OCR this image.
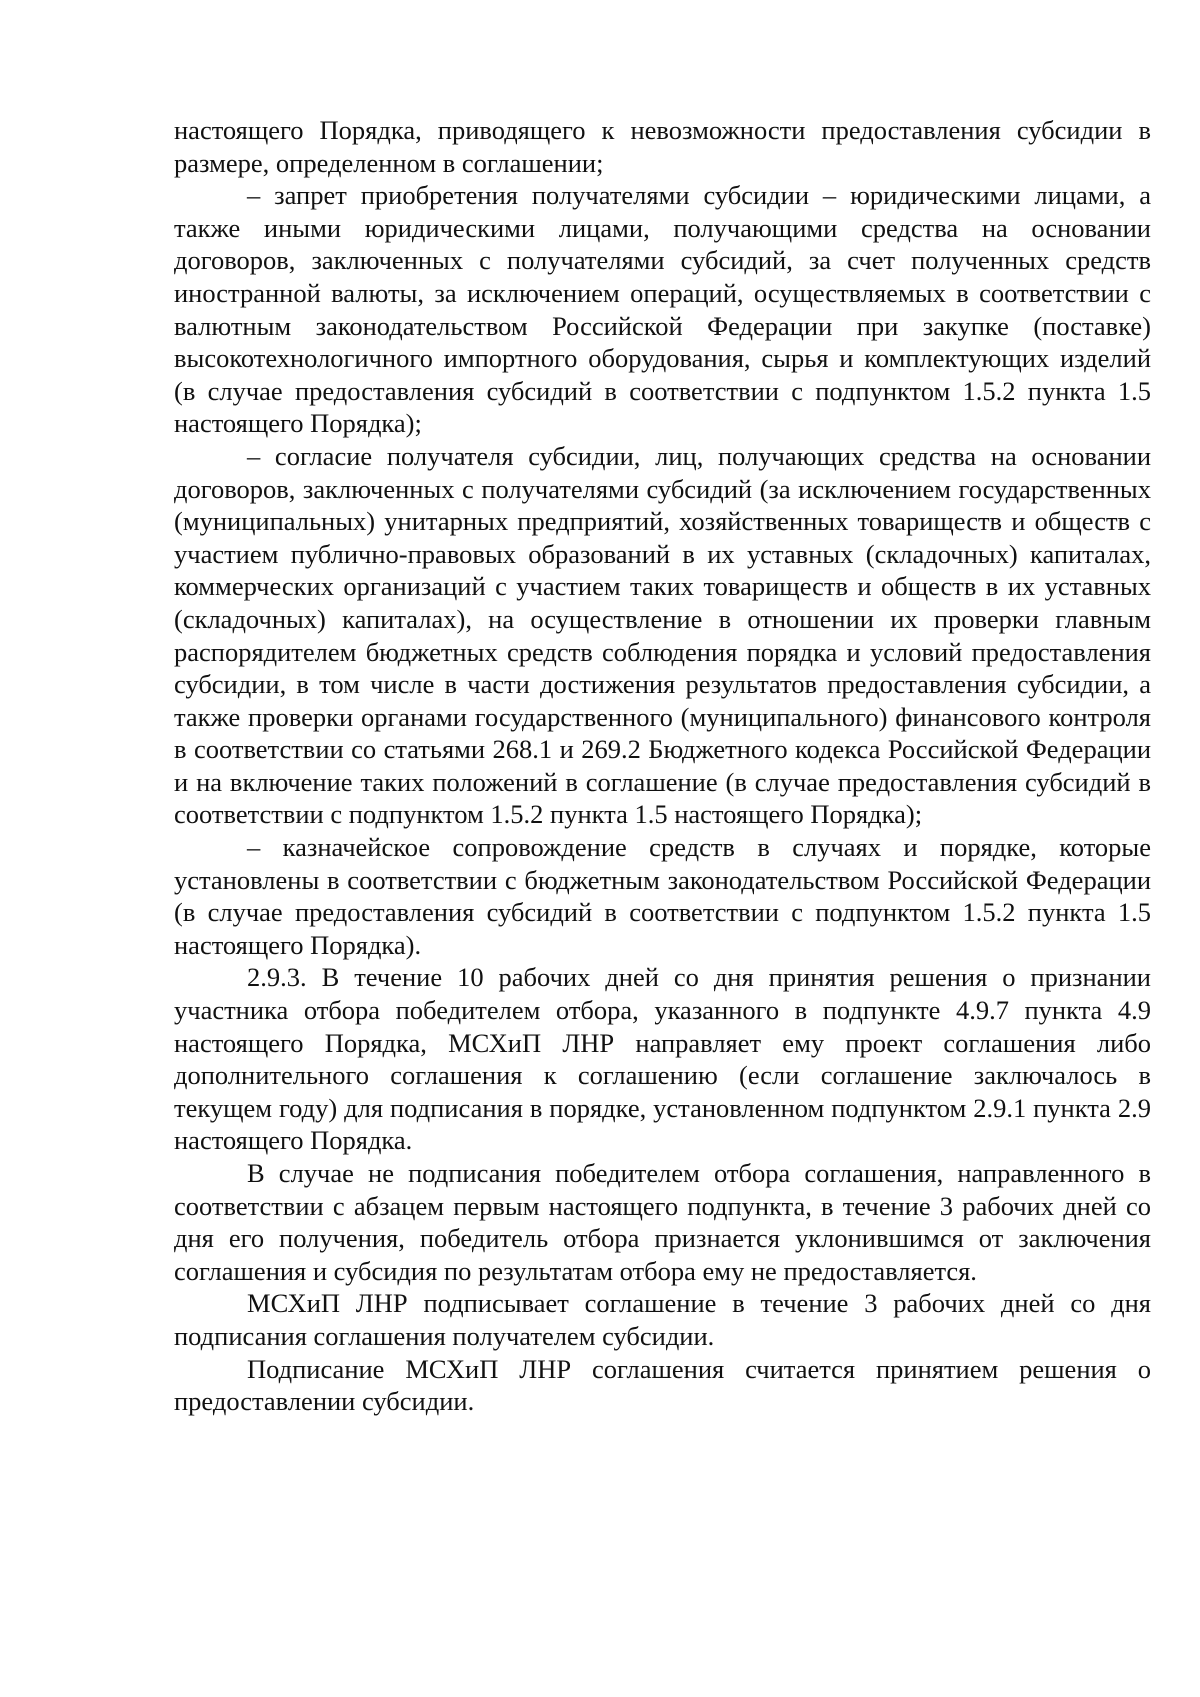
настоящего Порядка, приводящего к невозможности предоставления субсидии в размере, определенном в соглашении;

– запрет приобретения получателями субсидии – юридическими лицами, а также иными юридическими лицами, получающими средства на основании договоров, заключенных с получателями субсидий, за счет полученных средств иностранной валюты, за исключением операций, осуществляемых в соответствии с валютным законодательством Российской Федерации при закупке (поставке) высокотехнологичного импортного оборудования, сырья и комплектующих изделий (в случае предоставления субсидий в соответствии с подпунктом 1.5.2 пункта 1.5 настоящего Порядка);

– согласие получателя субсидии, лиц, получающих средства на основании договоров, заключенных с получателями субсидий (за исключением государственных (муниципальных) унитарных предприятий, хозяйственных товариществ и обществ с участием публично-правовых образований в их уставных (складочных) капиталах, коммерческих организаций с участием таких товариществ и обществ в их уставных (складочных) капиталах), на осуществление в отношении их проверки главным распорядителем бюджетных средств соблюдения порядка и условий предоставления субсидии, в том числе в части достижения результатов предоставления субсидии, а также проверки органами государственного (муниципального) финансового контроля в соответствии со статьями 268.1 и 269.2 Бюджетного кодекса Российской Федерации и на включение таких положений в соглашение (в случае предоставления субсидий в соответствии с подпунктом 1.5.2 пункта 1.5 настоящего Порядка);

– казначейское сопровождение средств в случаях и порядке, которые установлены в соответствии с бюджетным законодательством Российской Федерации (в случае предоставления субсидий в соответствии с подпунктом 1.5.2 пункта 1.5 настоящего Порядка).

2.9.3. В течение 10 рабочих дней со дня принятия решения о признании участника отбора победителем отбора, указанного в подпункте 4.9.7 пункта 4.9 настоящего Порядка, МСХиП ЛНР направляет ему проект соглашения либо дополнительного соглашения к соглашению (если соглашение заключалось в текущем году) для подписания в порядке, установленном подпунктом 2.9.1 пункта 2.9 настоящего Порядка.

В случае не подписания победителем отбора соглашения, направленного в соответствии с абзацем первым настоящего подпункта, в течение 3 рабочих дней со дня его получения, победитель отбора признается уклонившимся от заключения соглашения и субсидия по результатам отбора ему не предоставляется.

МСХиП ЛНР подписывает соглашение в течение 3 рабочих дней со дня подписания соглашения получателем субсидии.

Подписание МСХиП ЛНР соглашения считается принятием решения о предоставлении субсидии.
